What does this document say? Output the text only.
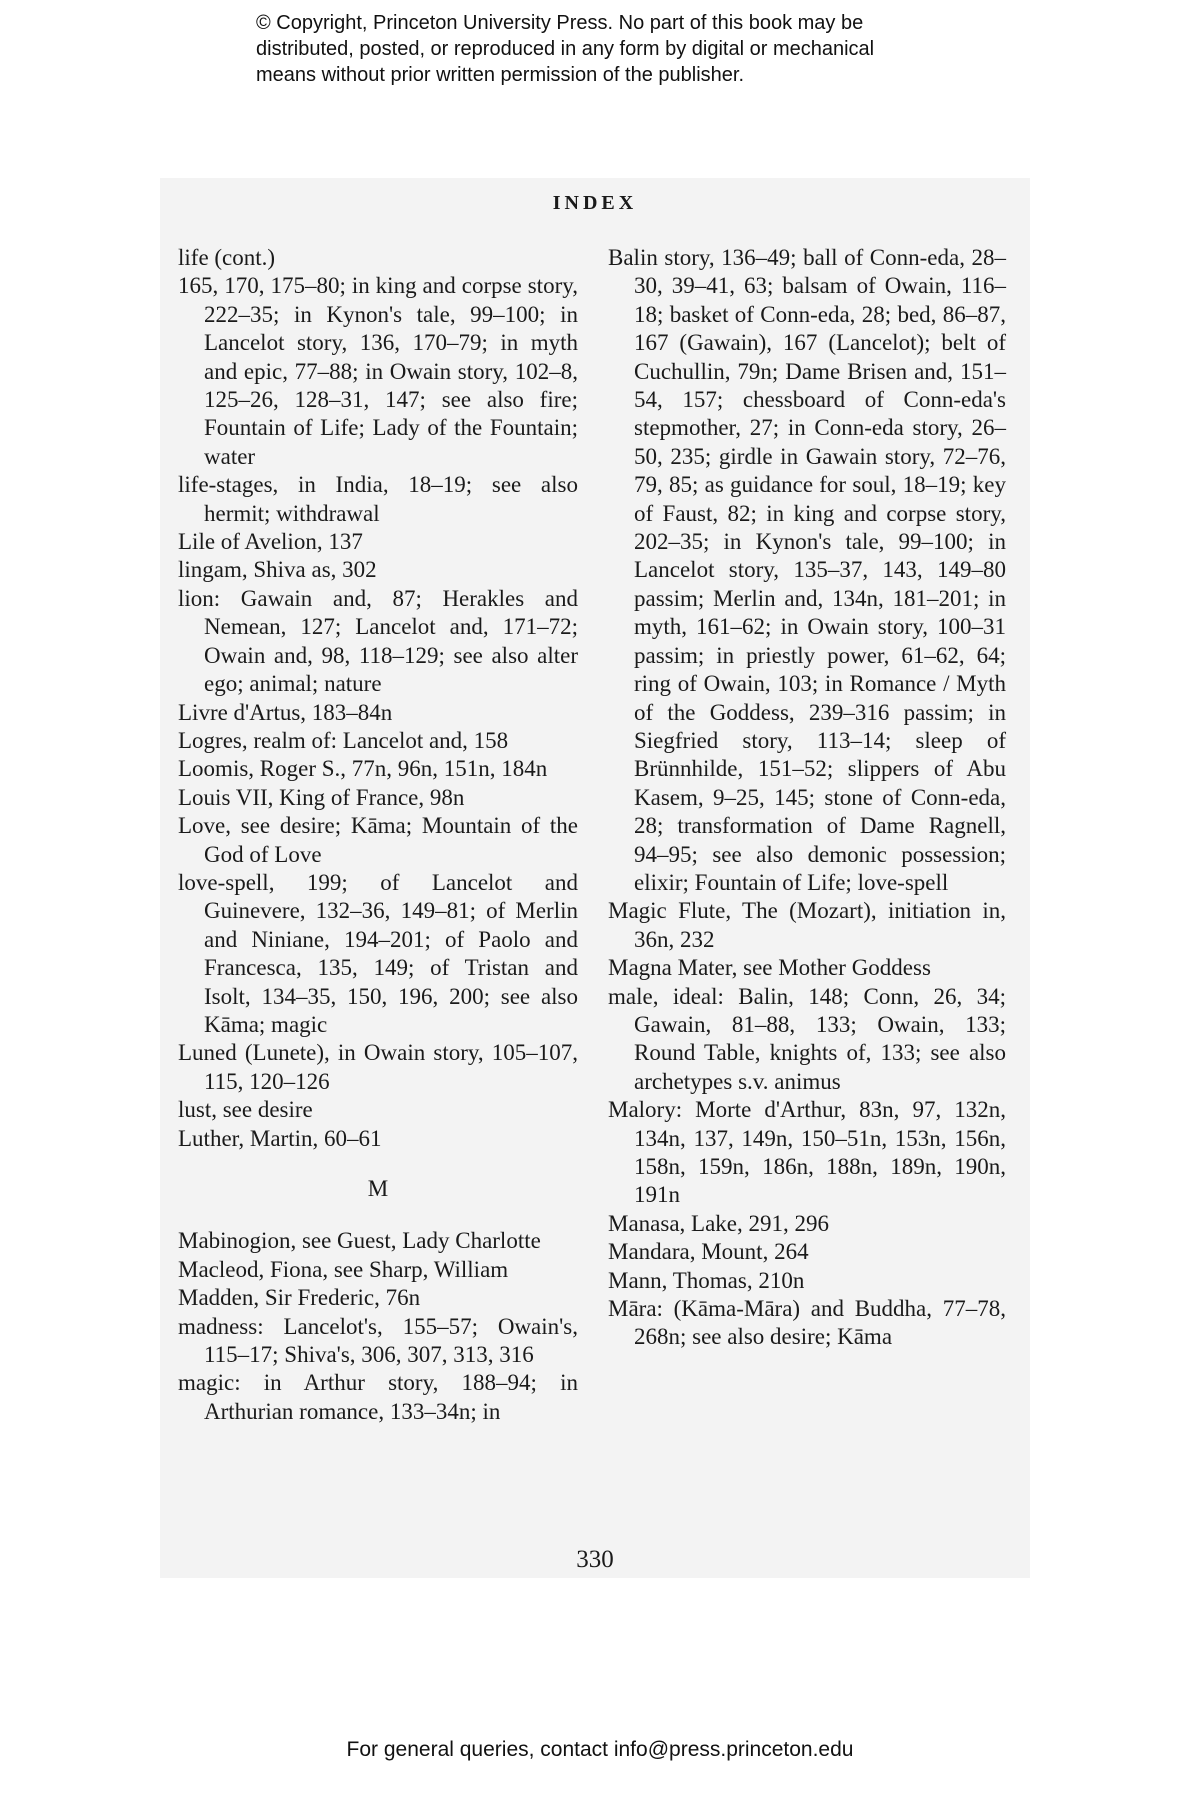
© Copyright, Princeton University Press. No part of this book may be
distributed, posted, or reproduced in any form by digital or mechanical
means without prior written permission of the publisher.
INDEX
life (cont.)
165, 170, 175–80; in king and corpse story, 222–35; in Kynon's tale, 99–100; in Lancelot story, 136, 170–79; in myth and epic, 77–88; in Owain story, 102–8, 125–26, 128–31, 147; see also fire; Fountain of Life; Lady of the Fountain; water
life-stages, in India, 18–19; see also hermit; withdrawal
Lile of Avelion, 137
lingam, Shiva as, 302
lion: Gawain and, 87; Herakles and Nemean, 127; Lancelot and, 171–72; Owain and, 98, 118–129; see also alter ego; animal; nature
Livre d'Artus, 183–84n
Logres, realm of: Lancelot and, 158
Loomis, Roger S., 77n, 96n, 151n, 184n
Louis VII, King of France, 98n
Love, see desire; Kāma; Mountain of the God of Love
love-spell, 199; of Lancelot and Guinevere, 132–36, 149–81; of Merlin and Niniane, 194–201; of Paolo and Francesca, 135, 149; of Tristan and Isolt, 134–35, 150, 196, 200; see also Kāma; magic
Luned (Lunete), in Owain story, 105–107, 115, 120–126
lust, see desire
Luther, Martin, 60–61
M
Mabinogion, see Guest, Lady Charlotte
Macleod, Fiona, see Sharp, William
Madden, Sir Frederic, 76n
madness: Lancelot's, 155–57; Owain's, 115–17; Shiva's, 306, 307, 313, 316
magic: in Arthur story, 188–94; in Arthurian romance, 133–34n; in
Balin story, 136–49; ball of Conn-eda, 28–30, 39–41, 63; balsam of Owain, 116–18; basket of Conn-eda, 28; bed, 86–87, 167 (Gawain), 167 (Lancelot); belt of Cuchullin, 79n; Dame Brisen and, 151–54, 157; chessboard of Conn-eda's stepmother, 27; in Conn-eda story, 26–50, 235; girdle in Gawain story, 72–76, 79, 85; as guidance for soul, 18–19; key of Faust, 82; in king and corpse story, 202–35; in Kynon's tale, 99–100; in Lancelot story, 135–37, 143, 149–80 passim; Merlin and, 134n, 181–201; in myth, 161–62; in Owain story, 100–31 passim; in priestly power, 61–62, 64; ring of Owain, 103; in Romance / Myth of the Goddess, 239–316 passim; in Siegfried story, 113–14; sleep of Brünnhilde, 151–52; slippers of Abu Kasem, 9–25, 145; stone of Conn-eda, 28; transformation of Dame Ragnell, 94–95; see also demonic possession; elixir; Fountain of Life; love-spell
Magic Flute, The (Mozart), initiation in, 36n, 232
Magna Mater, see Mother Goddess
male, ideal: Balin, 148; Conn, 26, 34; Gawain, 81–88, 133; Owain, 133; Round Table, knights of, 133; see also archetypes s.v. animus
Malory: Morte d'Arthur, 83n, 97, 132n, 134n, 137, 149n, 150–51n, 153n, 156n, 158n, 159n, 186n, 188n, 189n, 190n, 191n
Manasa, Lake, 291, 296
Mandara, Mount, 264
Mann, Thomas, 210n
Māra: (Kāma-Māra) and Buddha, 77–78, 268n; see also desire; Kāma
330
For general queries, contact info@press.princeton.edu
